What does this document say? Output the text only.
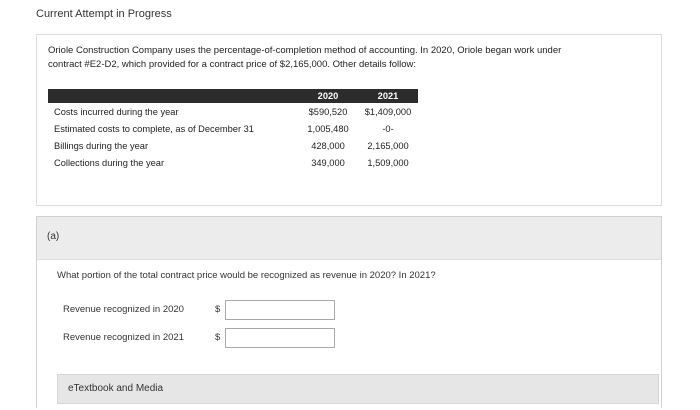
Current Attempt in Progress
Oriole Construction Company uses the percentage-of-completion method of accounting. In 2020, Oriole began work under
contract #E2-D2, which provided for a contract price of $2,165,000. Other details follow:
	2020	2021
Costs incurred during the year	$590,520	$1,409,000
Estimated costs to complete, as of December 31	1,005,480	-0-
Billings during the year	428,000	2,165,000
Collections during the year	349,000	1,509,000
(a)
What portion of the total contract price would be recognized as revenue in 2020? In 2021?
Revenue recognized in 2020	$
Revenue recognized in 2021	$
eTextbook and Media
